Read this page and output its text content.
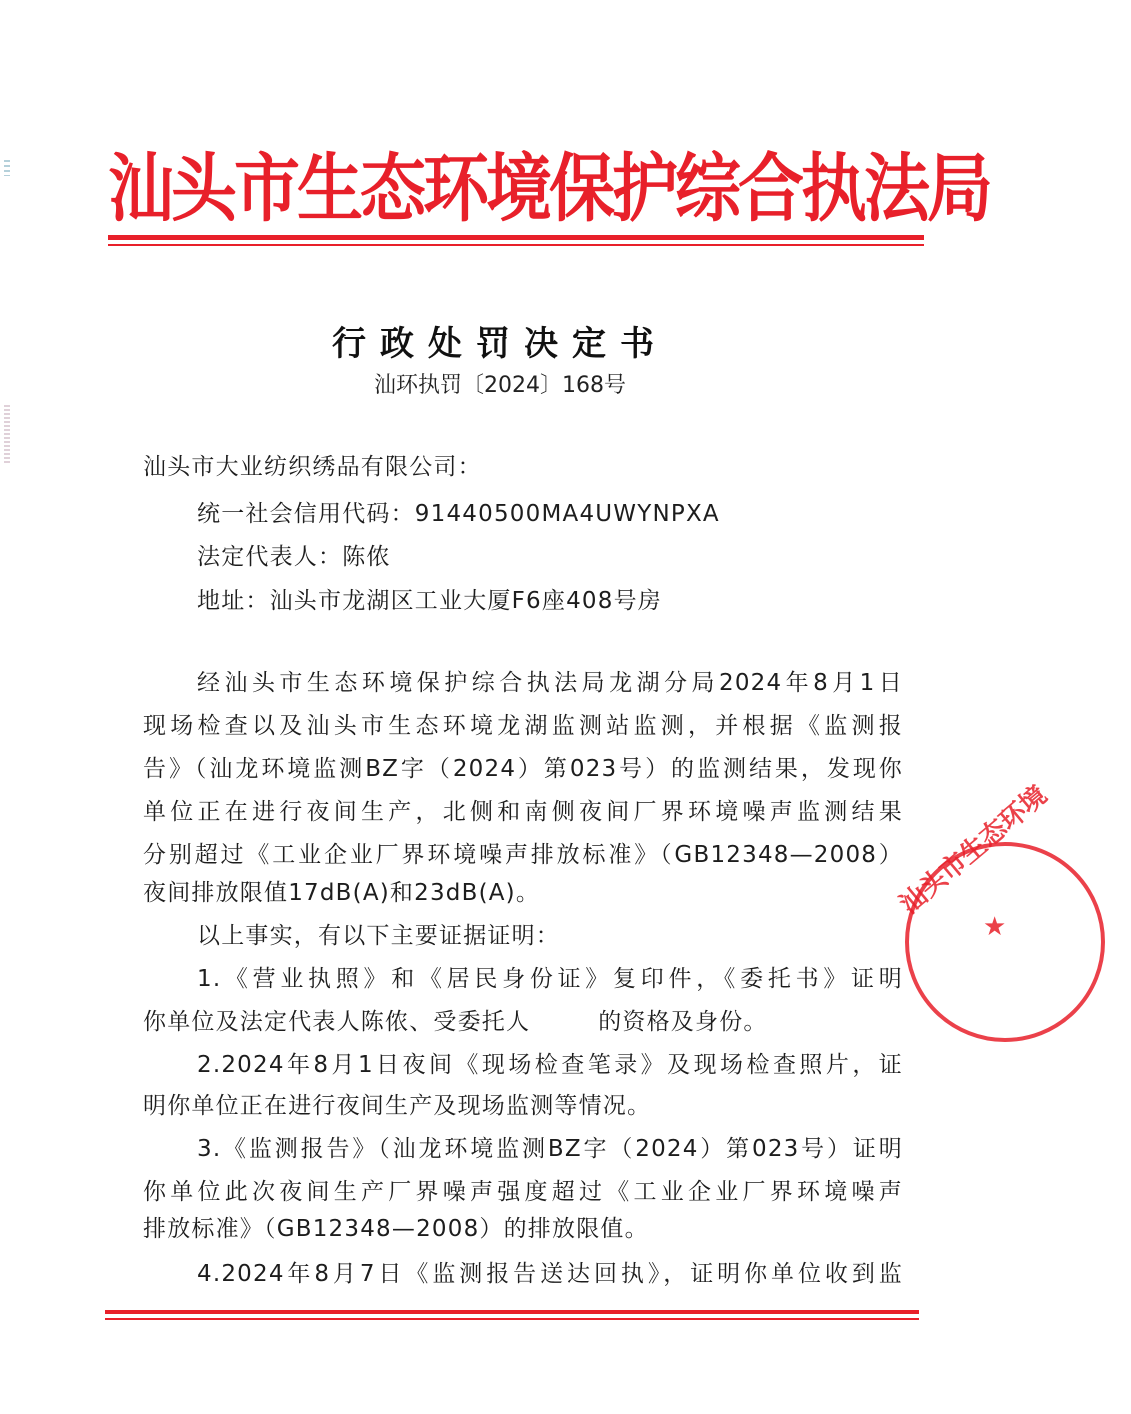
汕头市生态环境保护综合执法局
行政处罚决定书
汕环执罚〔2024〕168号
汕头市大业纺织绣品有限公司：
统一社会信用代码：91440500MA4UWYNPXA
法定代表人：陈侬
地址：汕头市龙湖区工业大厦F6座408号房
经汕头市生态环境保护综合执法局龙湖分局2024年8月1日
现场检查以及汕头市生态环境龙湖监测站监测，并根据《监测报
告》（汕龙环境监测BZ字（2024）第023号）的监测结果，发现你
单位正在进行夜间生产，北侧和南侧夜间厂界环境噪声监测结果
分别超过《工业企业厂界环境噪声排放标准》（GB12348—2008）
夜间排放限值17dB(A)和23dB(A)。
以上事实，有以下主要证据证明：
1.《营业执照》和《居民身份证》复印件，《委托书》证明
你单位及法定代表人陈侬、受委托人	的资格及身份。
2.2024年8月1日夜间《现场检查笔录》及现场检查照片，证
明你单位正在进行夜间生产及现场监测等情况。
3.《监测报告》（汕龙环境监测BZ字（2024）第023号）证明
你单位此次夜间生产厂界噪声强度超过《工业企业厂界环境噪声
排放标准》（GB12348—2008）的排放限值。
4.2024年8月7日《监测报告送达回执》，证明你单位收到监
汕头市生态环境
★
